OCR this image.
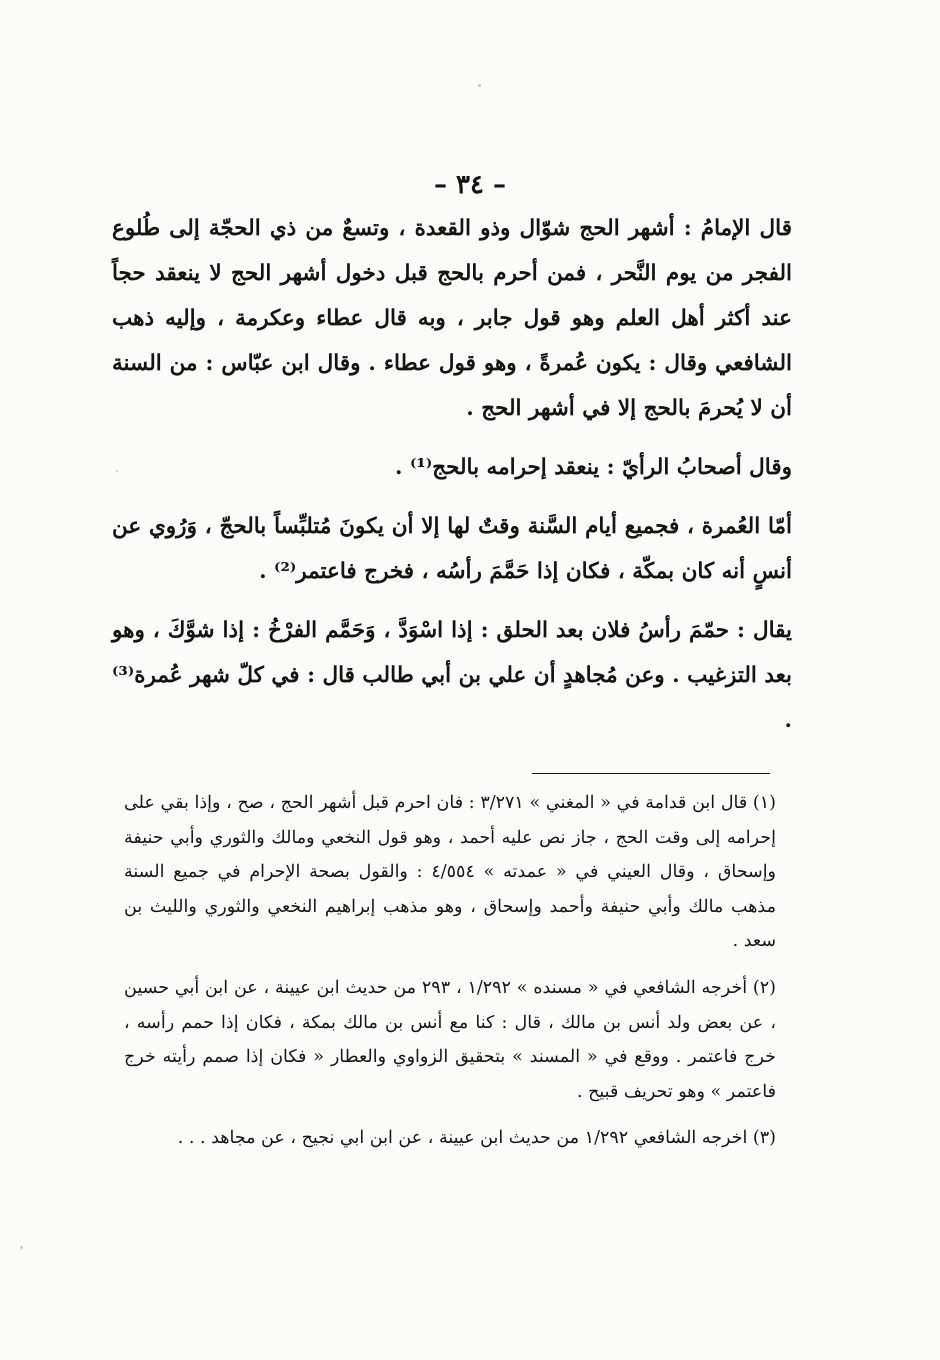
– ٣٤ –

قال الإمامُ : أشهر الحج شوّال وذو القعدة ، وتسعٌ من ذي الحجّة إلى طُلوع الفجر من يوم النَّحر ، فمن أحرم بالحج قبل دخول أشهر الحج لا ينعقد حجاً عند أكثر أهل العلم وهو قول جابر ، وبه قال عطاء وعكرمة ، وإليه ذهب الشافعي وقال : يكون عُمرةً ، وهو قول عطاء . وقال ابن عبّاس : من السنة أن لا يُحرمَ بالحج إلا في أشهر الحج .

وقال أصحابُ الرأيّ : ينعقد إحرامه بالحج⁽¹⁾ .

أمّا العُمرة ، فجميع أيام السَّنة وقتٌ لها إلا أن يكونَ مُتلبِّساً بالحجّ ، وَرُوي عن أنسٍ أنه كان بمكّة ، فكان إذا حَمَّمَ رأسُه ، فخرج فاعتمر⁽²⁾ .

يقال : حمّمَ رأسُ فلان بعد الحلق : إذا اسْوَدَّ ، وَحَمَّم الفرْخُ : إذا شوَّكَ ، وهو بعد التزغيب . وعن مُجاهدٍ أن علي بن أبي طالب قال : في كلّ شهر عُمرة⁽³⁾ .

(١) قال ابن قدامة في « المغني » ٣/٢٧١ : فان احرم قبل أشهر الحج ، صح ، وإذا بقي على إحرامه إلى وقت الحج ، جاز نص عليه أحمد ، وهو قول النخعي ومالك والثوري وأبي حنيفة وإسحاق ، وقال العيني في « عمدته » ٤/٥٥٤ : والقول بصحة الإحرام في جميع السنة مذهب مالك وأبي حنيفة وأحمد وإسحاق ، وهو مذهب إبراهيم النخعي والثوري والليث بن سعد .

(٢) أخرجه الشافعي في « مسنده » ١/٢٩٢ ، ٢٩٣ من حديث ابن عيينة ، عن ابن أبي حسين ، عن بعض ولد أنس بن مالك ، قال : كنا مع أنس بن مالك بمكة ، فكان إذا حمم رأسه ، خرج فاعتمر . ووقع في « المسند » بتحقيق الزواوي والعطار « فكان إذا صمم رأيته خرج فاعتمر » وهو تحريف قبيح .

(٣) اخرجه الشافعي ١/٢٩٢ من حديث ابن عيينة ، عن ابن ابي نجيح ، عن مجاهد . . .
